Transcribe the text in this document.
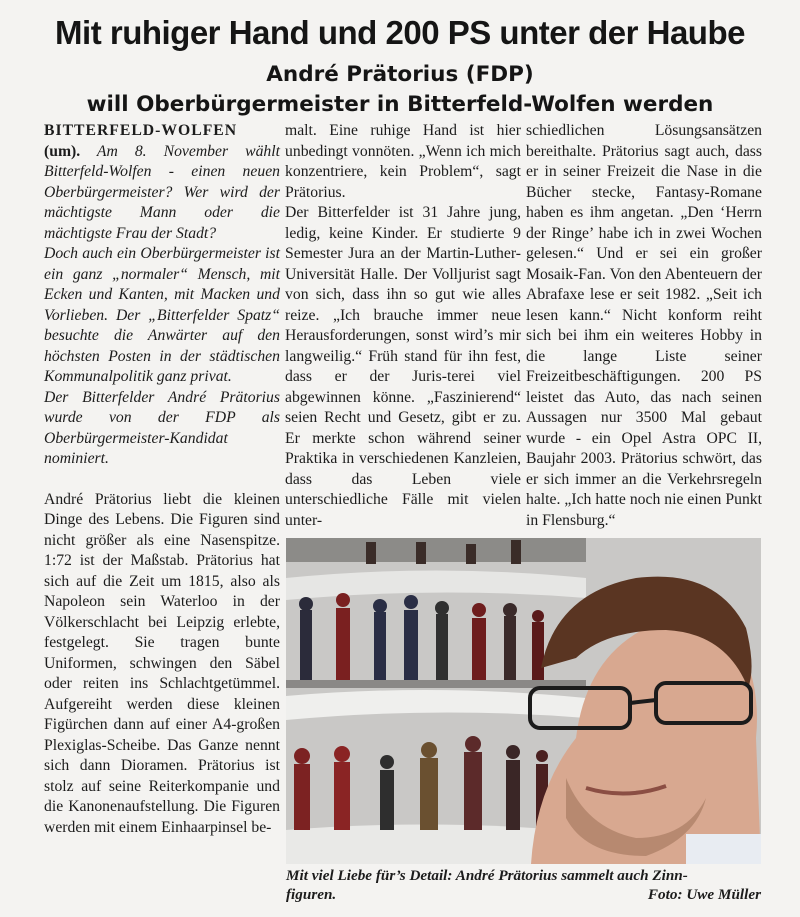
Mit ruhiger Hand und 200 PS unter der Haube
André Prätorius (FDP)
will Oberbürgermeister in Bitterfeld-Wolfen werden

BITTERFELD-WOLFEN
(um). Am 8. November wählt Bitterfeld-Wolfen - einen neuen Oberbürgermeister? Wer wird der mächtigste Mann oder die mächtigste Frau der Stadt?

Doch auch ein Oberbürgermeister ist ein ganz „normaler“ Mensch, mit Ecken und Kanten, mit Macken und Vorlieben. Der „Bitterfelder Spatz“ besuchte die Anwärter auf den höchsten Posten in der städtischen Kommunalpolitik ganz privat.

Der Bitterfelder André Prätorius wurde von der FDP als Oberbürgermeister-Kandidat nominiert.

André Prätorius liebt die kleinen Dinge des Lebens. Die Figuren sind nicht größer als eine Nasenspitze. 1:72 ist der Maßstab. Prätorius hat sich auf die Zeit um 1815, also als Napoleon sein Waterloo in der Völkerschlacht bei Leipzig erlebte, festgelegt. Sie tragen bunte Uniformen, schwingen den Säbel oder reiten ins Schlachtgetümmel. Aufgereiht werden diese kleinen Figürchen dann auf einer A4-großen Plexiglas-Scheibe. Das Ganze nennt sich dann Dioramen. Prätorius ist stolz auf seine Reiterkompanie und die Kanonenaufstellung. Die Figuren werden mit einem Einhaarpinsel be-

malt. Eine ruhige Hand ist hier unbedingt vonnöten. „Wenn ich mich konzentriere, kein Problem“, sagt Prätorius.

Der Bitterfelder ist 31 Jahre jung, ledig, keine Kinder. Er studierte 9 Semester Jura an der Martin-Luther-Universität Halle. Der Volljurist sagt von sich, dass ihn so gut wie alles reize. „Ich brauche immer neue Herausforderungen, sonst wird’s mir langweilig.“ Früh stand für ihn fest, dass er der Juris-terei viel abgewinnen könne. „Faszinierend“ seien Recht und Gesetz, gibt er zu. Er merkte schon während seiner Praktika in verschiedenen Kanzleien, dass das Leben viele unterschiedliche Fälle mit vielen unter-

schiedlichen Lösungsansätzen bereithalte. Prätorius sagt auch, dass er in seiner Freizeit die Nase in die Bücher stecke, Fantasy-Romane haben es ihm angetan. „Den ‘Herrn der Ringe’ habe ich in zwei Wochen gelesen.“ Und er sei ein großer Mosaik-Fan. Von den Abenteuern der Abrafaxe lese er seit 1982. „Seit ich lesen kann.“ Nicht konform reiht sich bei ihm ein weiteres Hobby in die lange Liste seiner Freizeitbeschäftigungen. 200 PS leistet das Auto, das nach seinen Aussagen nur 3500 Mal gebaut wurde - ein Opel Astra OPC II, Baujahr 2003. Prätorius schwört, das er sich immer an die Verkehrsregeln halte. „Ich hatte noch nie einen Punkt in Flensburg.“

Mit viel Liebe für’s Detail: André Prätorius sammelt auch Zinn-
figuren.	Foto: Uwe Müller
